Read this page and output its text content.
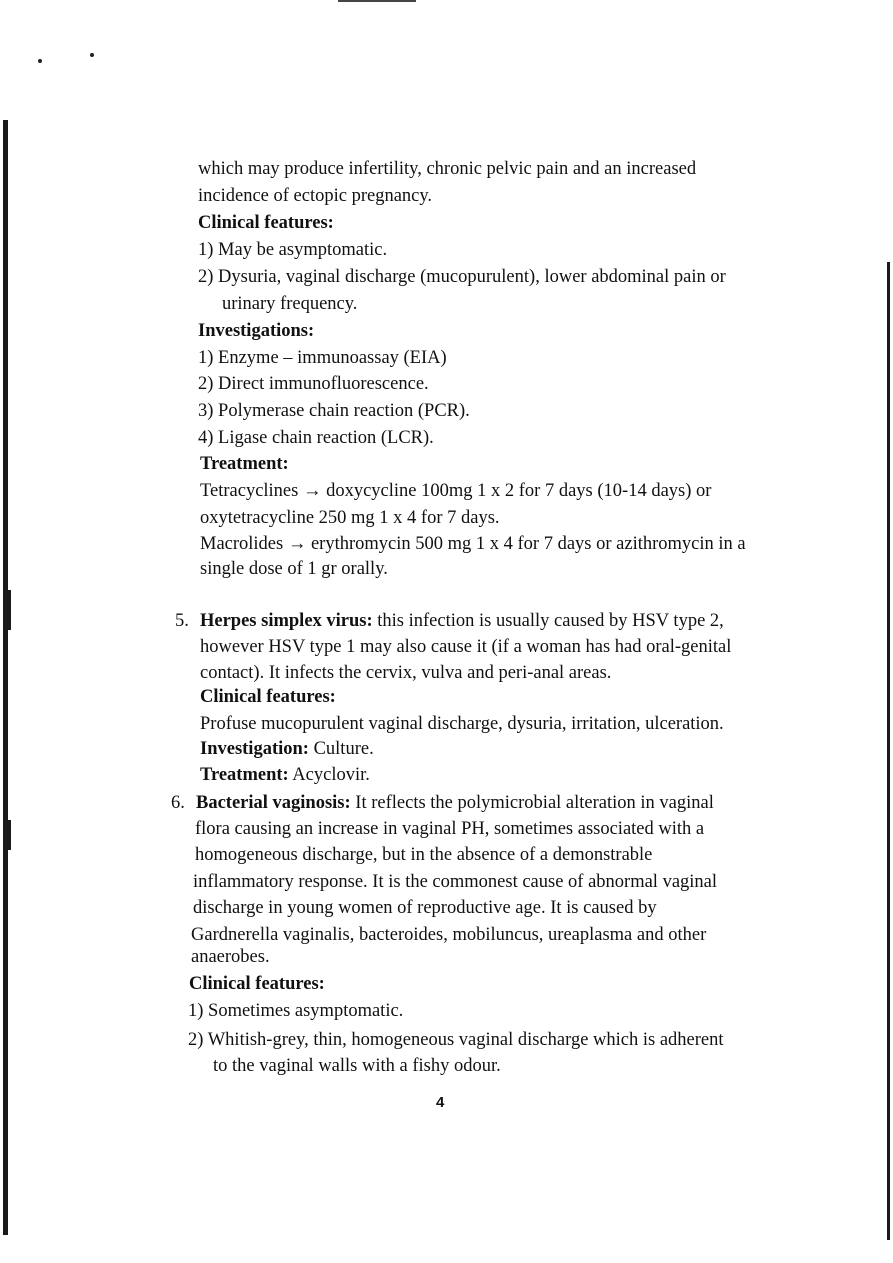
which may produce infertility, chronic pelvic pain and an increased
incidence of ectopic pregnancy.
Clinical features:
1) May be asymptomatic.
2) Dysuria, vaginal discharge (mucopurulent), lower abdominal pain or
urinary frequency.
Investigations:
1) Enzyme – immunoassay (EIA)
2) Direct immunofluorescence.
3) Polymerase chain reaction (PCR).
4) Ligase chain reaction (LCR).
Treatment:
Tetracyclines → doxycycline 100mg 1 x 2 for 7 days (10-14 days) or
oxytetracycline 250 mg 1 x 4 for 7 days.
Macrolides → erythromycin 500 mg 1 x 4 for 7 days or azithromycin in a
single dose of 1 gr orally.
5. Herpes simplex virus: this infection is usually caused by HSV type 2,
however HSV type 1 may also cause it (if a woman has had oral-genital
contact). It infects the cervix, vulva and peri-anal areas.
Clinical features:
Profuse mucopurulent vaginal discharge, dysuria, irritation, ulceration.
Investigation: Culture.
Treatment: Acyclovir.
6. Bacterial vaginosis: It reflects the polymicrobial alteration in vaginal
flora causing an increase in vaginal PH, sometimes associated with a
homogeneous discharge, but in the absence of a demonstrable
inflammatory response. It is the commonest cause of abnormal vaginal
discharge in young women of reproductive age. It is caused by
Gardnerella vaginalis, bacteroides, mobiluncus, ureaplasma and other
anaerobes.
Clinical features:
1) Sometimes asymptomatic.
2) Whitish-grey, thin, homogeneous vaginal discharge which is adherent
to the vaginal walls with a fishy odour.
4
